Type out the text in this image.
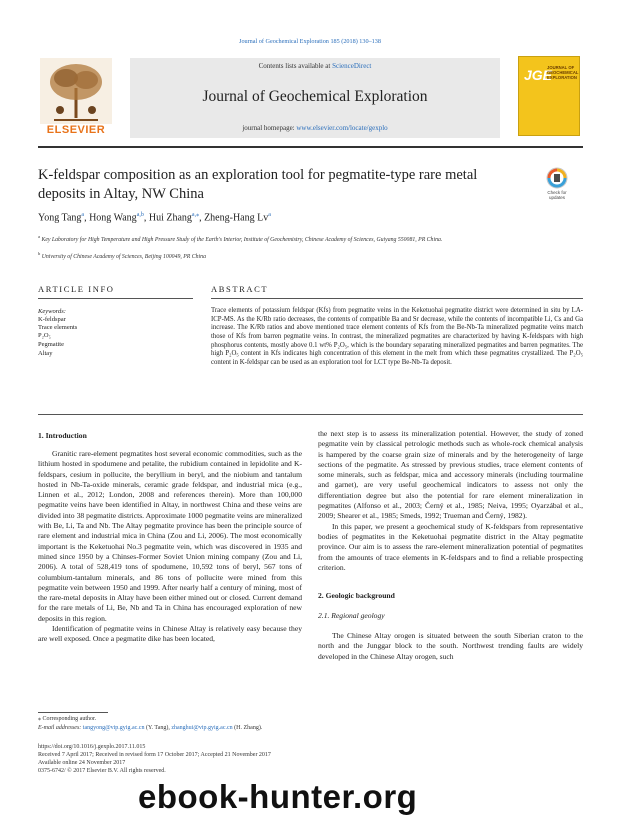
Journal of Geochemical Exploration 185 (2018) 130–138
ELSEVIER
Contents lists available at ScienceDirect
Journal of Geochemical Exploration
journal homepage: www.elsevier.com/locate/gexplo
JGE
JOURNAL OF GEOCHEMICAL EXPLORATION
K-feldspar composition as an exploration tool for pegmatite-type rare metal deposits in Altay, NW China	Check for
updates
Yong Tang$^a$, Hong Wang$^{a,b}$, Hui Zhang$^{a,⁎}$, Zheng-Hang Lv$^a$
$^a$ Key Laboratory for High Temperature and High Pressure Study of the Earth's Interior, Institute of Geochemistry, Chinese Academy of Sciences, Guiyang 550081, PR China.
$^b$ University of Chinese Academy of Sciences, Beijing 100049, PR China
ARTICLE INFO	ABSTRACT
Keywords:
K-feldspar
Trace elements
P₂O₅
Pegmatite
Altay
Trace elements of potassium feldspar (Kfs) from pegmatite veins in the Keketuohai pegmatite district were determined in situ by LA-ICP-MS. As the K/Rb ratio decreases, the contents of compatible Ba and Sr decrease, while the contents of incompatible Li, Cs and Ga increase. The K/Rb ratios and above mentioned trace element contents of Kfs from the Be-Nb-Ta mineralized pegmatite veins match those of Kfs from barren pegmatite veins. In contrast, the mineralized pegmatites are characterized by having K-feldspars with high phosphorus contents, mostly above 0.1 wt% P₂O₅, which is the boundary separating mineralized pegmatites and barren pegmatites. The high P₂O₅ content in Kfs indicates high concentration of this element in the melt from which these pegmatites crystallized. The P₂O₅ content in K-feldspar can be used as an exploration tool for LCT type Be-Nb-Ta deposit.
1. Introduction

Granitic rare-element pegmatites host several economic commodities, such as the lithium hosted in spodumene and petalite, the rubidium contained in lepidolite and K-feldspars, cesium in pollucite, the beryllium in beryl, and the niobium and tantalum hosted in Nb-Ta-oxide minerals, ceramic grade feldspar, and industrial mica (e.g., Linnen et al., 2012; London, 2008 and references therein). More than 100,000 pegmatite veins have been identified in Altay, in northwest China and these veins are divided into 38 pegmatite districts. Approximate 1000 pegmatite veins are mineralized with Be, Li, Ta and Nb. The Altay pegmatite province has been the principle source of rare element and industrial mica in China (Zou and Li, 2006). The most economically important is the Keketuohai No.3 pegmatite vein, which was discovered in 1935 and mined since 1950 by a Chinses-Former Soviet Union mining company (Zou and Li, 2006). A total of 528,419 tons of spodumene, 10,592 tons of beryl, 567 tons of columbium-tantalum minerals, and 86 tons of pollucite were mined from this pegmatite vein between 1950 and 1999. After nearly half a century of mining, most of the rare-metal deposits in Altay have been either mined out or closed. Current demand for the rare metals of Li, Be, Nb and Ta in China has encouraged exploration of new deposits in this region.

Identification of pegmatite veins in Chinese Altay is relatively easy because they are well exposed. Once a pegmatite dike has been located,

the next step is to assess its mineralization potential. However, the study of zoned pegmatite vein by classical petrologic methods such as whole-rock chemical analysis is hampered by the coarse grain size of minerals and by the heterogeneity of large sections of the pegmatite. As stressed by previous studies, trace element contents of some minerals, such as feldspar, mica and accessory minerals (including tourmaline and garnet), are very useful geochemical indicators to assess not only the differentiation degree but also the potential for rare element mineralization in pegmatites (Alfonso et al., 2003; Černý et al., 1985; Neiva, 1995; Oyarzábal et al., 2009; Shearer et al., 1985; Smeds, 1992; Trueman and Černý, 1982).

In this paper, we present a geochemical study of K-feldspars from representative bodies of pegmatites in the Keketuohai pegmatite district in the Altay pegmatite province. Our aim is to assess the rare-element mineralization potential of pegmatites from the amounts of trace elements in K-feldspars and to find a reliable prospecting criterion.

2. Geologic background
2.1. Regional geology

The Chinese Altay orogen is situated between the south Siberian craton to the north and the Junggar block to the south. Northwest trending faults are widely developed in the Chinese Altay orogen, such

⁎ Corresponding author.
E-mail addresses: tangyong@vip.gyig.ac.cn (Y. Tang), zhanghui@vip.gyig.ac.cn (H. Zhang).
https://doi.org/10.1016/j.gexplo.2017.11.015
Received 7 April 2017; Received in revised form 17 October 2017; Accepted 21 November 2017
Available online 24 November 2017
0375-6742/ © 2017 Elsevier B.V. All rights reserved.
ebook-hunter.org
